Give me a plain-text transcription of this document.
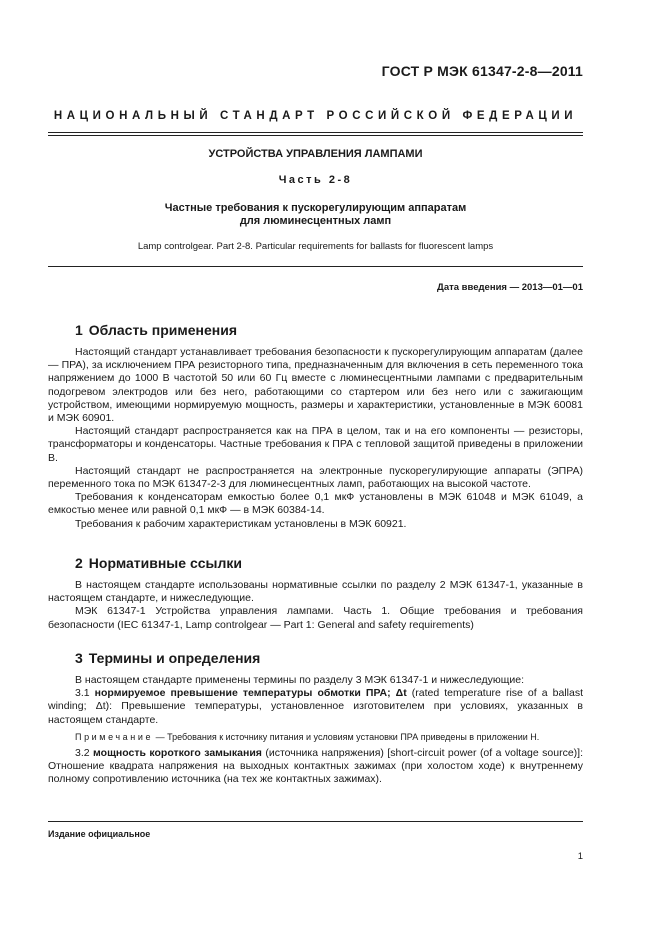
ГОСТ Р МЭК 61347-2-8—2011
НАЦИОНАЛЬНЫЙ СТАНДАРТ РОССИЙСКОЙ ФЕДЕРАЦИИ
УСТРОЙСТВА УПРАВЛЕНИЯ ЛАМПАМИ
Часть 2-8
Частные требования к пускорегулирующим аппаратам
для люминесцентных ламп
Lamp controlgear. Part 2-8. Particular requirements for ballasts for fluorescent lamps
Дата введения — 2013—01—01
1 Область применения

Настоящий стандарт устанавливает требования безопасности к пускорегулирующим аппаратам (далее — ПРА), за исключением ПРА резисторного типа, предназначенным для включения в сеть переменного тока напряжением до 1000 В частотой 50 или 60 Гц вместе с люминесцентными лампами с предварительным подогревом электродов или без него, работающими со стартером или без него или с зажигающим устройством, имеющими нормируемую мощность, размеры и характеристики, установленные в МЭК 60081 и МЭК 60901.

Настоящий стандарт распространяется как на ПРА в целом, так и на его компоненты — резисторы, трансформаторы и конденсаторы. Частные требования к ПРА с тепловой защитой приведены в приложении В.

Настоящий стандарт не распространяется на электронные пускорегулирующие аппараты (ЭПРА) переменного тока по МЭК 61347-2-3 для люминесцентных ламп, работающих на высокой частоте.

Требования к конденсаторам емкостью более 0,1 мкФ установлены в МЭК 61048 и МЭК 61049, а емкостью менее или равной 0,1 мкФ — в МЭК 60384-14.

Требования к рабочим характеристикам установлены в МЭК 60921.

2 Нормативные ссылки

В настоящем стандарте использованы нормативные ссылки по разделу 2 МЭК 61347-1, указанные в настоящем стандарте, и нижеследующие.

МЭК 61347-1 Устройства управления лампами. Часть 1. Общие требования и требования безопасности (IEC 61347-1, Lamp controlgear — Part 1: General and safety requirements)

3 Термины и определения

В настоящем стандарте применены термины по разделу 3 МЭК 61347-1 и нижеследующие:

3.1 нормируемое превышение температуры обмотки ПРА; Δt (rated temperature rise of a ballast winding; Δt): Превышение температуры, установленное изготовителем при условиях, указанных в настоящем стандарте.

Примечание — Требования к источнику питания и условиям установки ПРА приведены в приложении Н.

3.2 мощность короткого замыкания (источника напряжения) [short-circuit power (of a voltage source)]: Отношение квадрата напряжения на выходных контактных зажимах (при холостом ходе) к внутреннему полному сопротивлению источника (на тех же контактных зажимах).

Издание официальное
1
